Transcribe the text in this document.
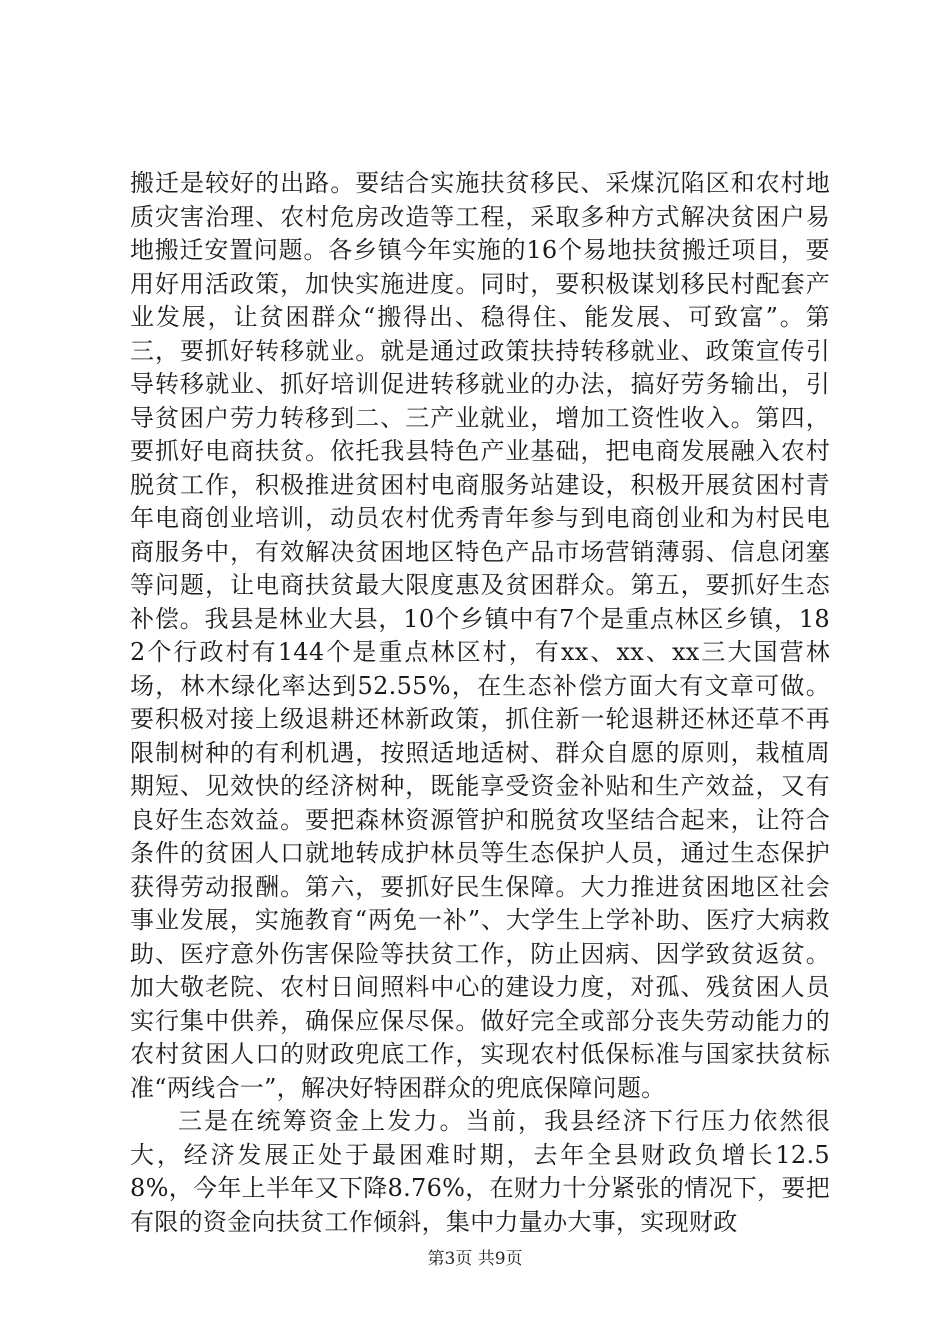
搬迁是较好的出路。要结合实施扶贫移民、采煤沉陷区和农村地质灾害治理、农村危房改造等工程，采取多种方式解决贫困户易地搬迁安置问题。各乡镇今年实施的16个易地扶贫搬迁项目，要用好用活政策，加快实施进度。同时，要积极谋划移民村配套产业发展，让贫困群众“搬得出、稳得住、能发展、可致富”。第三，要抓好转移就业。就是通过政策扶持转移就业、政策宣传引导转移就业、抓好培训促进转移就业的办法，搞好劳务输出，引导贫困户劳力转移到二、三产业就业，增加工资性收入。第四，要抓好电商扶贫。依托我县特色产业基础，把电商发展融入农村脱贫工作，积极推进贫困村电商服务站建设，积极开展贫困村青年电商创业培训，动员农村优秀青年参与到电商创业和为村民电商服务中，有效解决贫困地区特色产品市场营销薄弱、信息闭塞等问题，让电商扶贫最大限度惠及贫困群众。第五，要抓好生态补偿。我县是林业大县，10个乡镇中有7个是重点林区乡镇，182个行政村有144个是重点林区村，有xx、xx、xx三大国营林场，林木绿化率达到52.55%，在生态补偿方面大有文章可做。要积极对接上级退耕还林新政策，抓住新一轮退耕还林还草不再限制树种的有利机遇，按照适地适树、群众自愿的原则，栽植周期短、见效快的经济树种，既能享受资金补贴和生产效益，又有良好生态效益。要把森林资源管护和脱贫攻坚结合起来，让符合条件的贫困人口就地转成护林员等生态保护人员，通过生态保护获得劳动报酬。第六，要抓好民生保障。大力推进贫困地区社会事业发展，实施教育“两免一补”、大学生上学补助、医疗大病救助、医疗意外伤害保险等扶贫工作，防止因病、因学致贫返贫。加大敬老院、农村日间照料中心的建设力度，对孤、残贫困人员实行集中供养，确保应保尽保。做好完全或部分丧失劳动能力的农村贫困人口的财政兜底工作，实现农村低保标准与国家扶贫标准“两线合一”，解决好特困群众的兜底保障问题。

三是在统筹资金上发力。当前，我县经济下行压力依然很大，经济发展正处于最困难时期，去年全县财政负增长12.58%，今年上半年又下降8.76%，在财力十分紧张的情况下，要把有限的资金向扶贫工作倾斜，集中力量办大事，实现财政

第3页 共9页
